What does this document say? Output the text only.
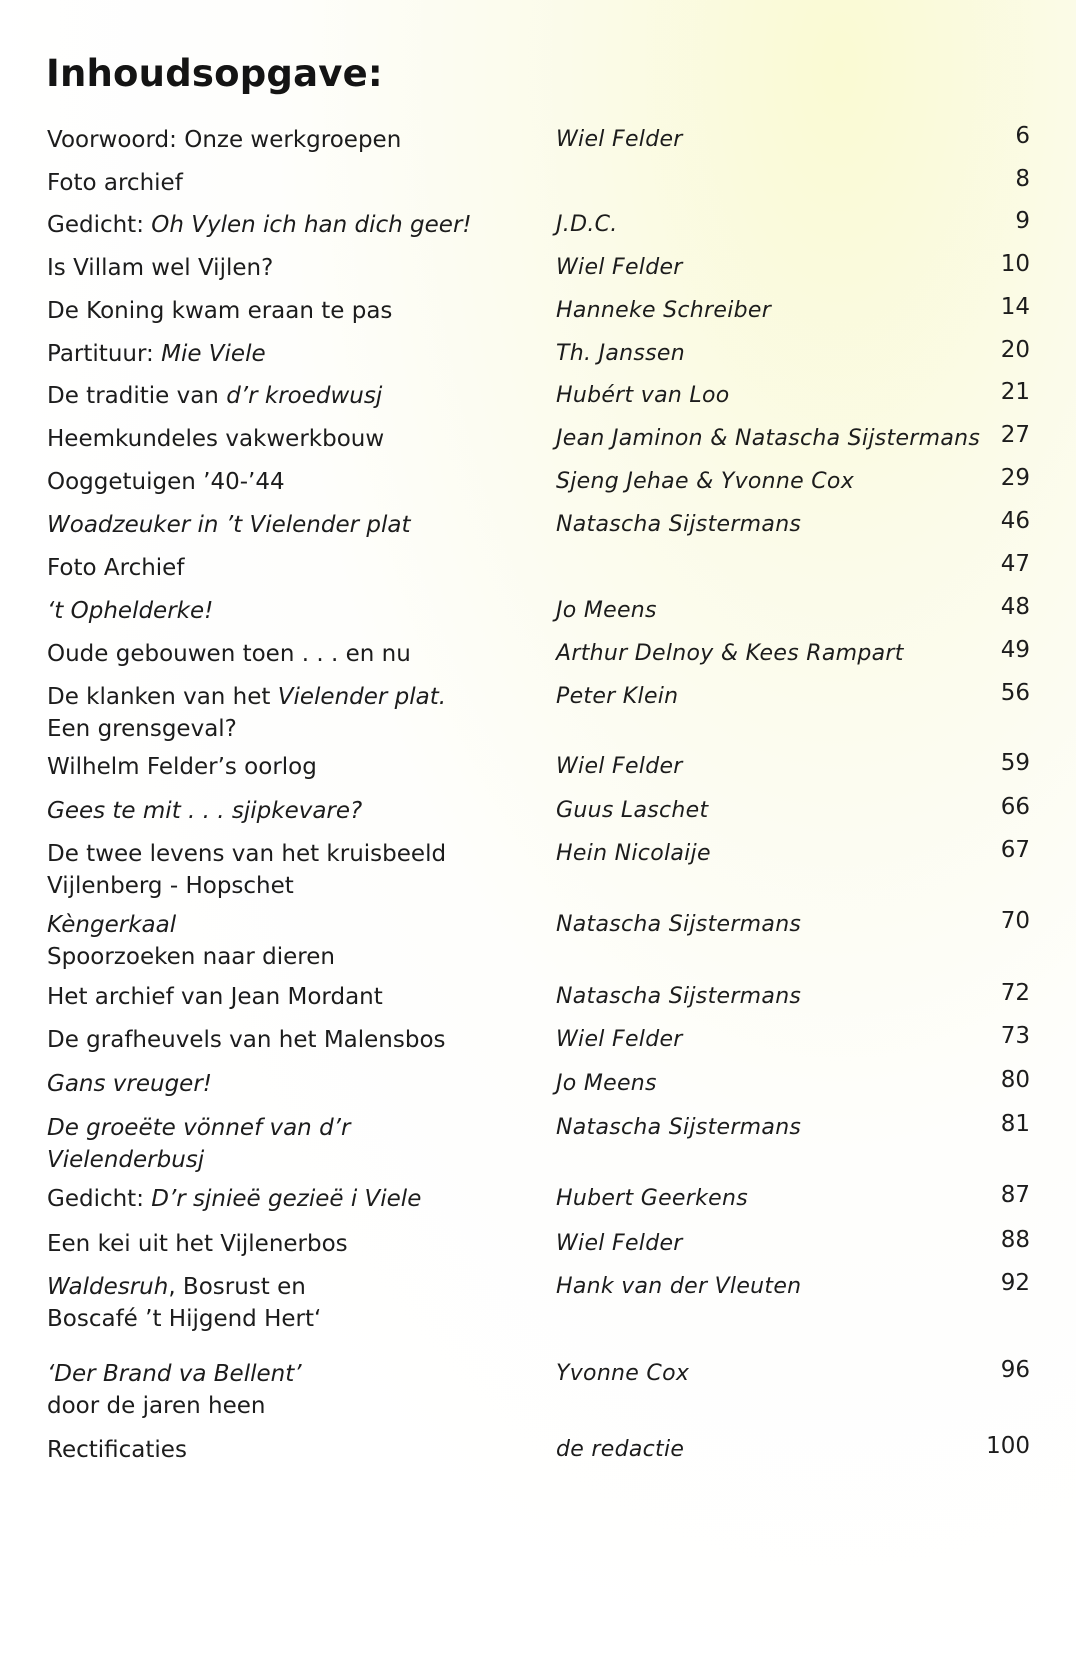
Inhoudsopgave:
Voorwoord: Onze werkgroepen	Wiel Felder	6
Foto archief	8
Gedicht: Oh Vylen ich han dich geer!	J.D.C.	9
Is Villam wel Vijlen?	Wiel Felder	10
De Koning kwam eraan te pas	Hanneke Schreiber	14
Partituur: Mie Viele	Th. Janssen	20
De traditie van d’r kroedwusj	Hubért van Loo	21
Heemkundeles vakwerkbouw	Jean Jaminon & Natascha Sijstermans 27
Ooggetuigen ’40-’44	Sjeng Jehae & Yvonne Cox	29
Woadzeuker in ’t Vielender plat	Natascha Sijstermans	46
Foto Archief	47
‘t Ophelderke!	Jo Meens	48
Oude gebouwen toen . . . en nu	Arthur Delnoy & Kees Rampart	49
De klanken van het Vielender plat.
Een grensgeval?
Peter Klein	56
Wilhelm Felder’s oorlog	Wiel Felder	59
Gees te mit . . . sjipkevare?	Guus Laschet	66
De twee levens van het kruisbeeld
Vijlenberg - Hopschet
Hein Nicolaije	67
Kèngerkaal
Spoorzoeken naar dieren
Natascha Sijstermans	70
Het archief van Jean Mordant	Natascha Sijstermans	72
De grafheuvels van het Malensbos	Wiel Felder	73
Gans vreuger!	Jo Meens	80
De groeëte vönnef van d’r
Vielenderbusj
Natascha Sijstermans	81
Gedicht: D’r sjnieë gezieë i Viele	Hubert Geerkens	87
Een kei uit het Vijlenerbos	Wiel Felder	88
Waldesruh, Bosrust en
Boscafé ’t Hijgend Hert‘
Hank van der Vleuten	92
‘Der Brand va Bellent’
door de jaren heen
Yvonne Cox	96
Rectificaties	de redactie	100
